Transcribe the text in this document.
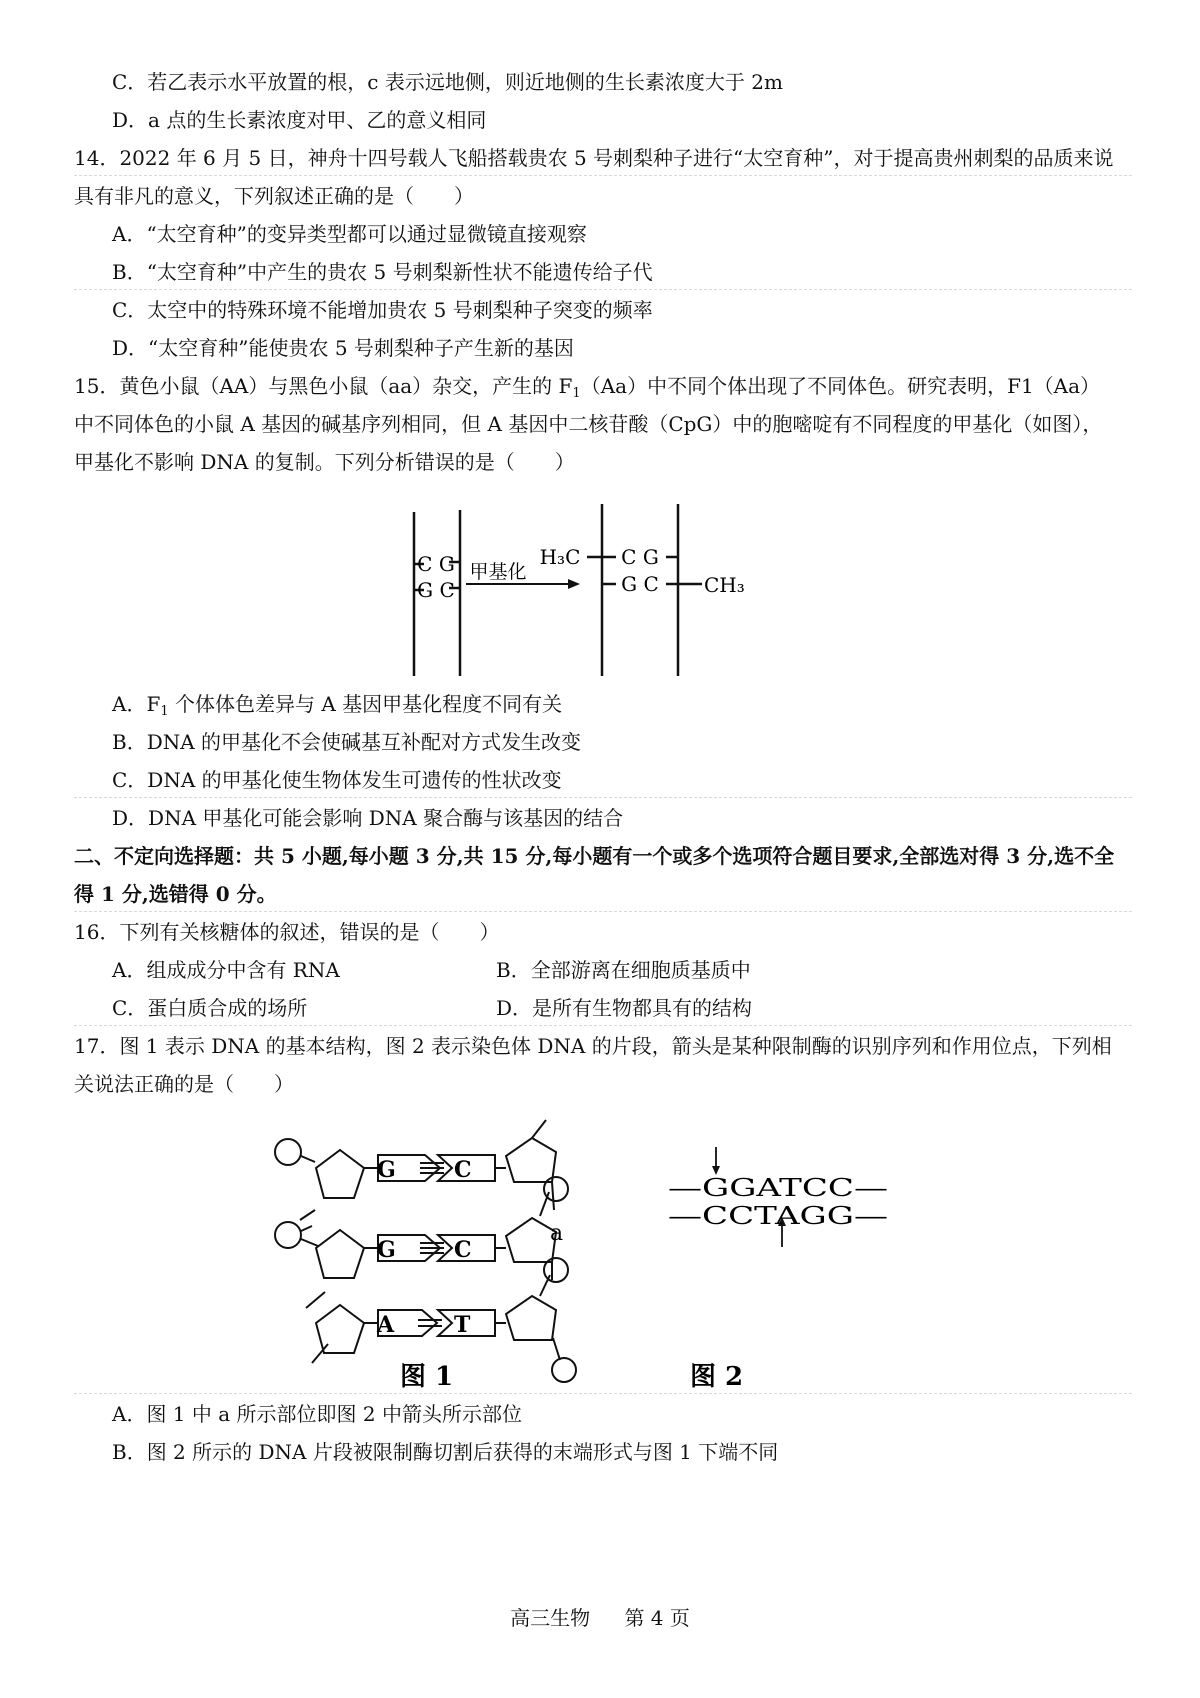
C．若乙表示水平放置的根，c 表示远地侧，则近地侧的生长素浓度大于 2m
D．a 点的生长素浓度对甲、乙的意义相同
14．2022 年 6 月 5 日，神舟十四号载人飞船搭载贵农 5 号刺梨种子进行“太空育种”，对于提高贵州刺梨的品质来说
具有非凡的意义，下列叙述正确的是（　　）
A．“太空育种”的变异类型都可以通过显微镜直接观察
B．“太空育种”中产生的贵农 5 号刺梨新性状不能遗传给子代
C．太空中的特殊环境不能增加贵农 5 号刺梨种子突变的频率
D．“太空育种”能使贵农 5 号刺梨种子产生新的基因
15．黄色小鼠（AA）与黑色小鼠（aa）杂交，产生的 $F_1(Aa)$中不同个体出现了不同体色。研究表明，F1（Aa）
中不同体色的小鼠 A 基因的碱基序列相同，但 A 基因中二核苷酸（CpG）中的胞嘧啶有不同程度的甲基化（如图），
甲基化不影响 DNA 的复制。下列分析错误的是（　　）
C G
G C
甲基化
H₃C C G
G C CH₃
A．$F_1$ 个体体色差异与 A 基因甲基化程度不同有关
B．DNA 的甲基化不会使碱基互补配对方式发生改变
C．DNA 的甲基化使生物体发生可遗传的性状改变
D．DNA 甲基化可能会影响 DNA 聚合酶与该基因的结合
二、不定向选择题：共 5 小题,每小题 3 分,共 15 分,每小题有一个或多个选项符合题目要求,全部选对得 3 分,选不全
得 1 分,选错得 0 分。
16．下列有关核糖体的叙述，错误的是（　　）
A．组成成分中含有 RNA	B．全部游离在细胞质基质中
C．蛋白质合成的场所	D．是所有生物都具有的结构
17．图 1 表示 DNA 的基本结构，图 2 表示染色体 DNA 的片段，箭头是某种限制酶的识别序列和作用位点，下列相
关说法正确的是（　　）
G	C
G	C
A	T
a
图 1
—GGATCC—
—CCTAGG—
图 2
A．图 1 中 a 所示部位即图 2 中箭头所示部位
B．图 2 所示的 DNA 片段被限制酶切割后获得的末端形式与图 1 下端不同
高三生物 第 4 页
